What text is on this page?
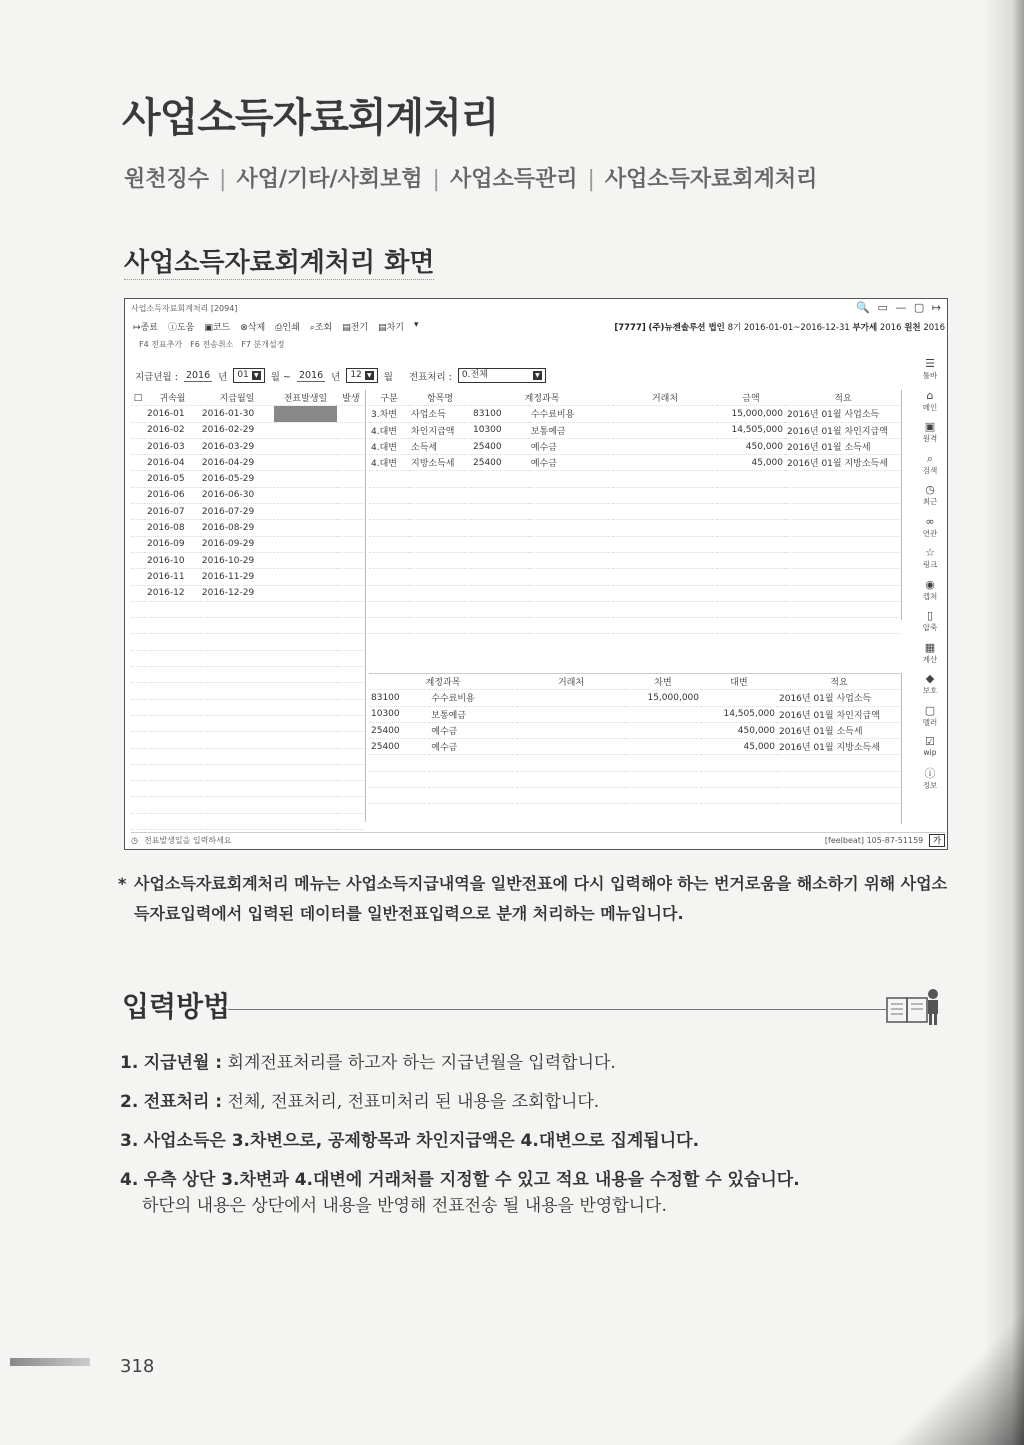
사업소득자료회계처리
원천징수 | 사업/기타/사회보험 | 사업소득관리 | 사업소득자료회계처리
사업소득자료회계처리 화면
사업소득자료회계처리 [2094]	🔍 ▭ — ▢ ↦
↦종료 ⓘ도움 ▣코드 ⊗삭제 ⎙인쇄 ⌕조회 ▤전기 ▤차기 ▾	[7777] (주)뉴젠솔루션 법인 8기 2016-01-01~2016-12-31 부가세 2016 원천 2016
F4 전표추가 F6 전송취소 F7 분개설정
지급년월 : 2016 년 01 ▼ 월 ~ 2016 년 12 ▼ 월 전표처리 : 0.전체	▼
□	귀속월	지급월일	전표발생일	발생
	2016-01	2016-01-30		
	2016-02	2016-02-29		
	2016-03	2016-03-29		
	2016-04	2016-04-29		
	2016-05	2016-05-29		
	2016-06	2016-06-30		
	2016-07	2016-07-29		
	2016-08	2016-08-29		
	2016-09	2016-09-29		
	2016-10	2016-10-29		
	2016-11	2016-11-29		
	2016-12	2016-12-29		

구분	항목명	계정과목		거래처	금액	적요
3.차변	사업소득	83100	수수료비용		15,000,000	2016년 01월 사업소득
4.대변	차인지급액	10300	보통예금		14,505,000	2016년 01월 차인지급액
4.대변	소득세	25400	예수금		450,000	2016년 01월 소득세
4.대변	지방소득세	25400	예수금		45,000	2016년 01월 지방소득세

계정과목		거래처	차변	대변	적요
83100	수수료비용		15,000,000		2016년 01월 사업소득
10300	보통예금			14,505,000	2016년 01월 차인지급액
25400	예수금			450,000	2016년 01월 소득세
25400	예수금			45,000	2016년 01월 지방소득세

☰
툴바
⌂
메인
▣
원격
⌕
검색
◷
최근
∞
연관
☆
링크
◉
캡쳐
▯
압축
▦
계산
◆
보호
▢
멜러
☑
wip
ⓘ
정보
◷ 전표발생일을 입력하세요	[feelbeat] 105-87-51159	가
* 사업소득자료회계처리 메뉴는 사업소득지급내역을 일반전표에 다시 입력해야 하는 번거로움을 해소하기 위해 사업소득자료입력에서 입력된 데이터를 일반전표입력으로 분개 처리하는 메뉴입니다.
입력방법
1. 지급년월 : 회계전표처리를 하고자 하는 지급년월을 입력합니다.
2. 전표처리 : 전체, 전표처리, 전표미처리 된 내용을 조회합니다.
3. 사업소득은 3.차변으로, 공제항목과 차인지급액은 4.대변으로 집계됩니다.
4. 우측 상단 3.차변과 4.대변에 거래처를 지정할 수 있고 적요 내용을 수정할 수 있습니다.
하단의 내용은 상단에서 내용을 반영해 전표전송 될 내용을 반영합니다.
318
